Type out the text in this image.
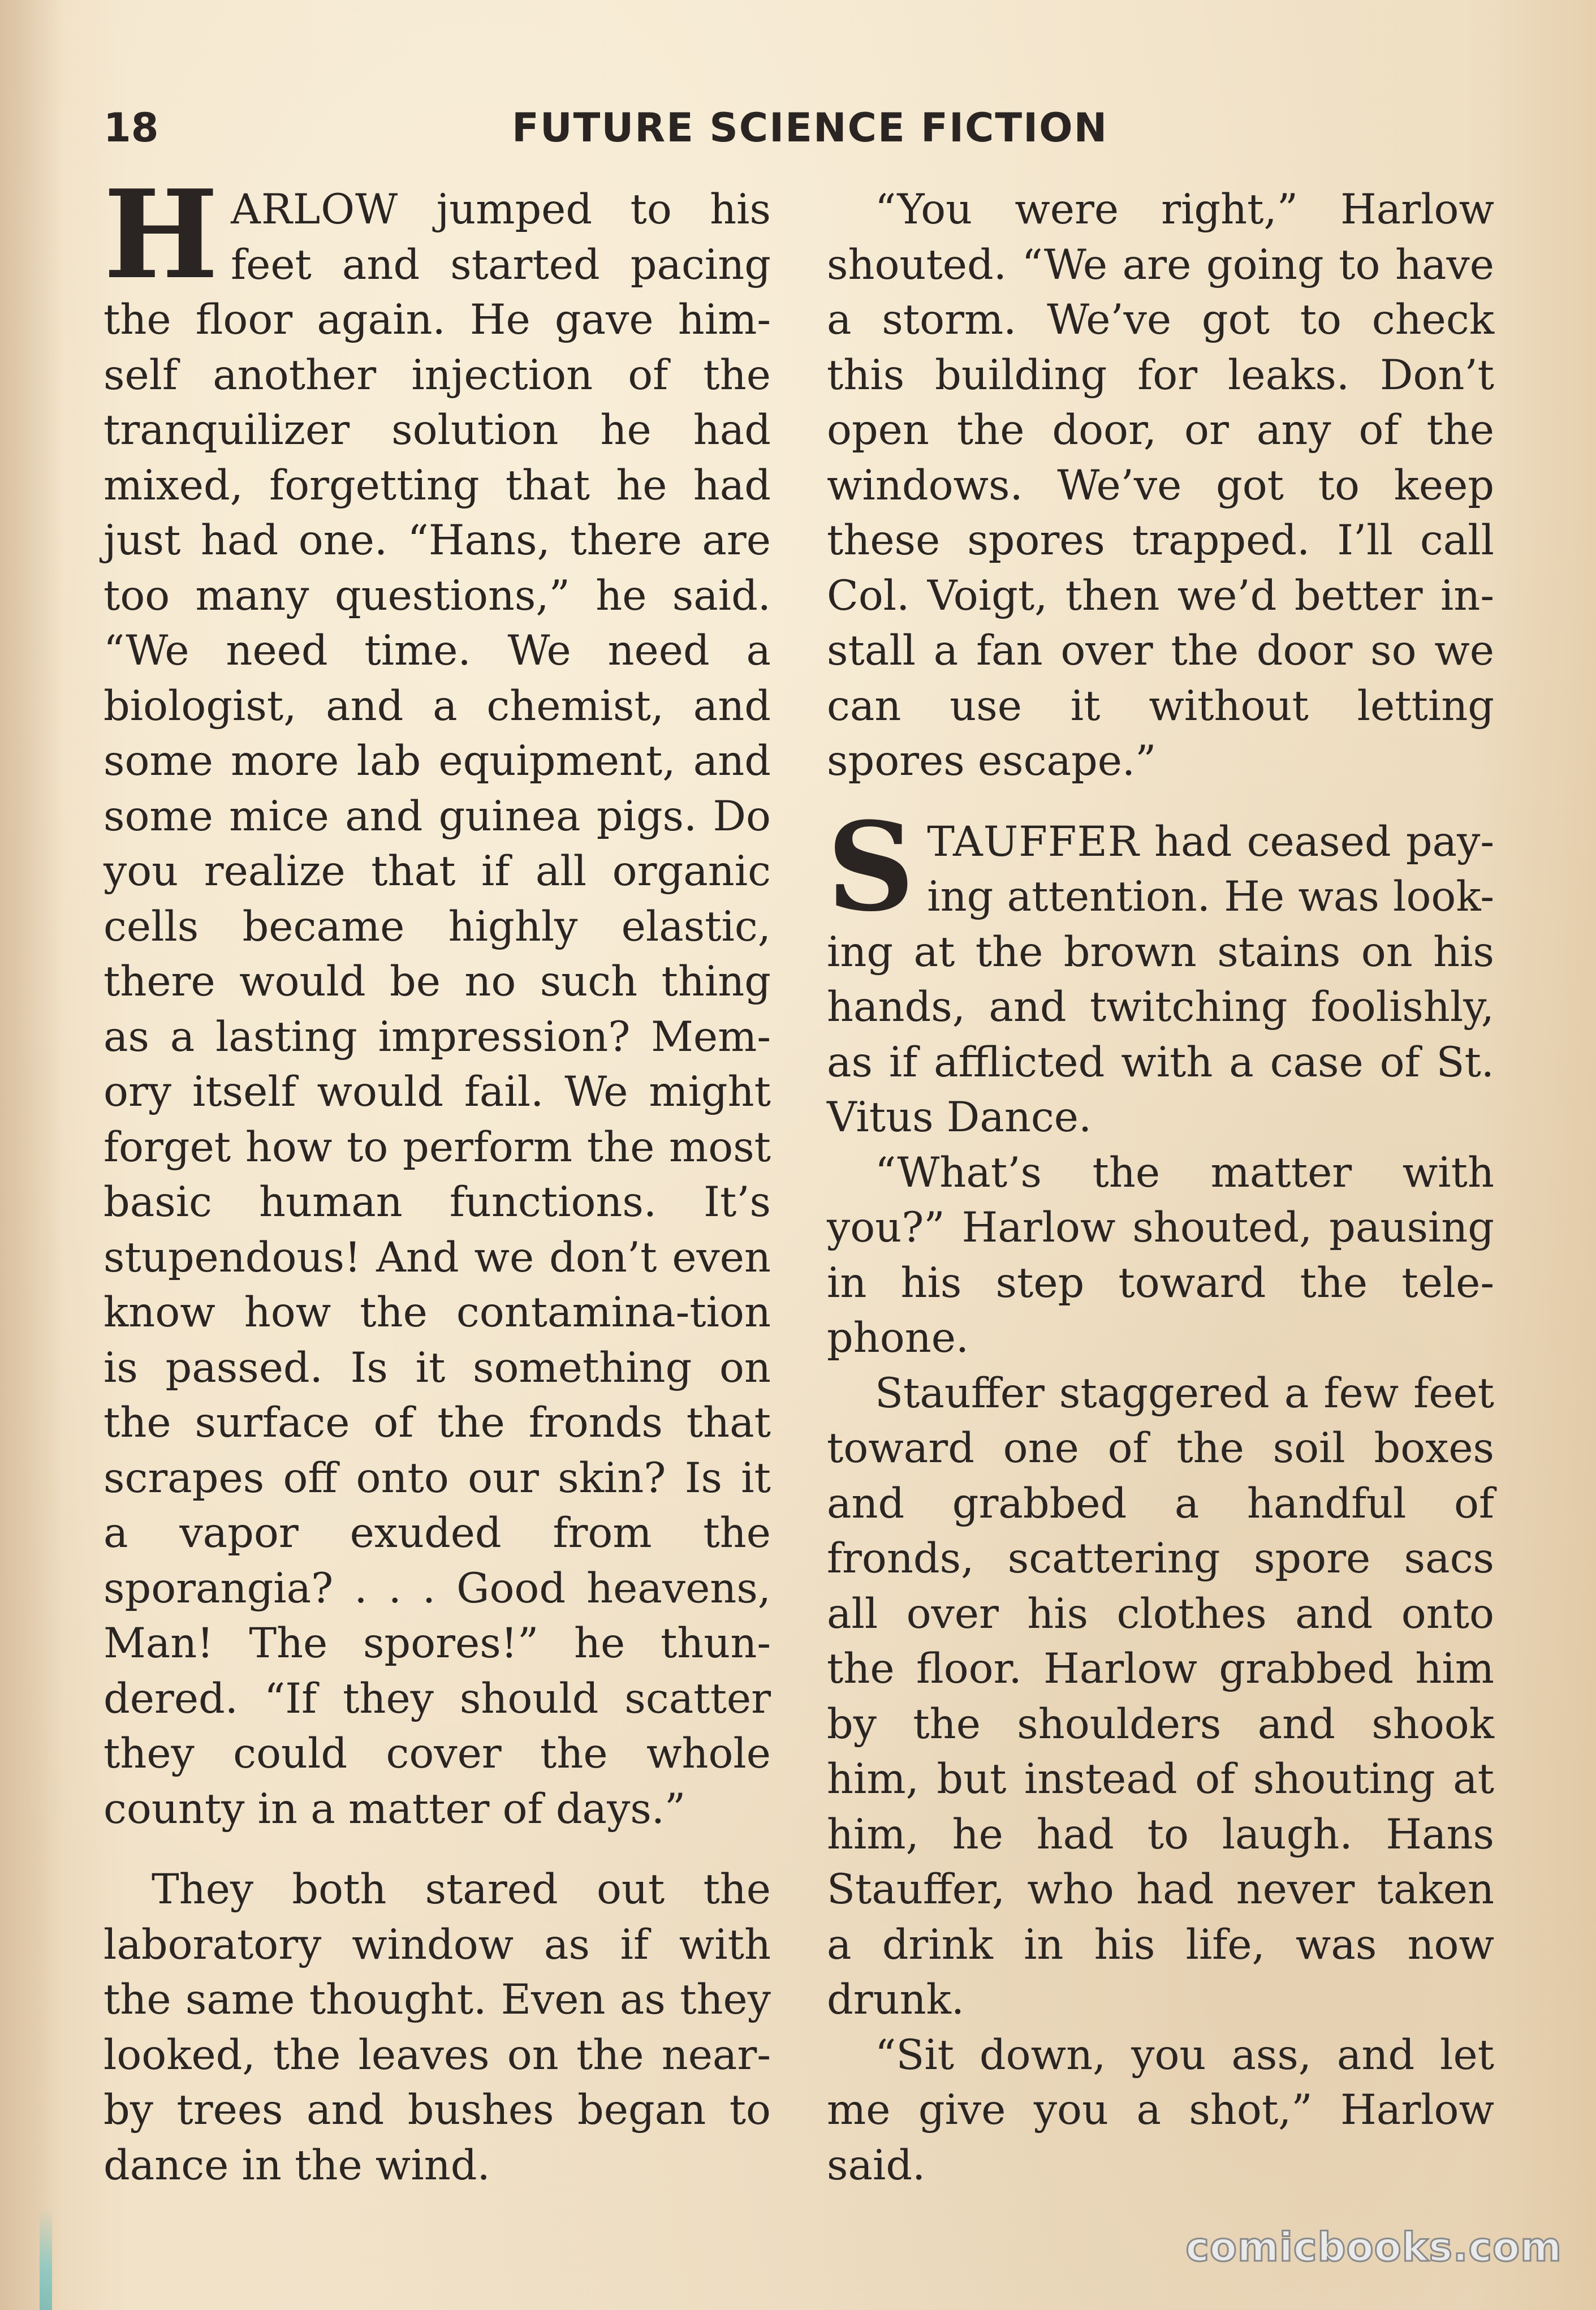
18	FUTURE SCIENCE FICTION

HARLOW jumped to his feet and started pacing the floor again. He gave him-self another injection of the tranquilizer solution he had mixed, forgetting that he had just had one. “Hans, there are too many questions,” he said. “We need time. We need a biologist, and a chemist, and some more lab equipment, and some mice and guinea pigs. Do you realize that if all organic cells became highly elastic, there would be no such thing as a lasting impression? Mem-ory itself would fail. We might forget how to perform the most basic human functions. It’s stupendous! And we don’t even know how the contamina-tion is passed. Is it something on the surface of the fronds that scrapes off onto our skin? Is it a vapor exuded from the sporangia? . . . Good heavens, Man! The spores!” he thun-dered. “If they should scatter they could cover the whole county in a matter of days.”

They both stared out the laboratory window as if with the same thought. Even as they looked, the leaves on the near-by trees and bushes began to dance in the wind.

“You were right,” Harlow shouted. “We are going to have a storm. We’ve got to check this building for leaks. Don’t open the door, or any of the windows. We’ve got to keep these spores trapped. I’ll call Col. Voigt, then we’d better in-stall a fan over the door so we can use it without letting spores escape.”

STAUFFER had ceased pay-ing attention. He was look-ing at the brown stains on his hands, and twitching foolishly, as if afflicted with a case of St. Vitus Dance.

“What’s the matter with you?” Harlow shouted, pausing in his step toward the tele-phone.

Stauffer staggered a few feet toward one of the soil boxes and grabbed a handful of fronds, scattering spore sacs all over his clothes and onto the floor. Harlow grabbed him by the shoulders and shook him, but instead of shouting at him, he had to laugh. Hans Stauffer, who had never taken a drink in his life, was now drunk.

“Sit down, you ass, and let me give you a shot,” Harlow said.

comicbooks.com
